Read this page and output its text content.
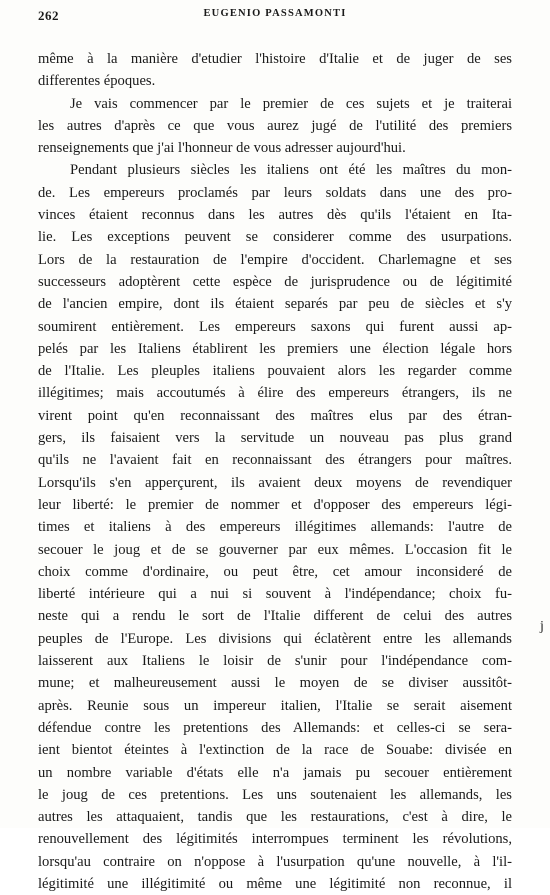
262	EUGENIO PASSAMONTI
même à la manière d'etudier l'histoire d'Italie et de juger de ses
differentes époques.
Je vais commencer par le premier de ces sujets et je traiterai
les autres d'après ce que vous aurez jugé de l'utilité des premiers
renseignements que j'ai l'honneur de vous adresser aujourd'hui.
Pendant plusieurs siècles les italiens ont été les maîtres du mon-
de. Les empereurs proclamés par leurs soldats dans une des pro-
vinces étaient reconnus dans les autres dès qu'ils l'étaient en Ita-
lie. Les exceptions peuvent se considerer comme des usurpations.
Lors de la restauration de l'empire d'occident. Charlemagne et ses
successeurs adoptèrent cette espèce de jurisprudence ou de légitimité
de l'ancien empire, dont ils étaient separés par peu de siècles et s'y
soumirent entièrement. Les empereurs saxons qui furent aussi ap-
pelés par les Italiens établirent les premiers une élection légale hors
de l'Italie. Les pleuples italiens pouvaient alors les regarder comme
illégitimes; mais accoutumés à élire des empereurs étrangers, ils ne
virent point qu'en reconnaissant des maîtres elus par des étran-
gers, ils faisaient vers la servitude un nouveau pas plus grand
qu'ils ne l'avaient fait en reconnaissant des étrangers pour maîtres.
Lorsqu'ils s'en apperçurent, ils avaient deux moyens de revendiquer
leur liberté: le premier de nommer et d'opposer des empereurs légi-
times et italiens à des empereurs illégitimes allemands: l'autre de
secouer le joug et de se gouverner par eux mêmes. L'occasion fit le
choix comme d'ordinaire, ou peut être, cet amour inconsideré de
liberté intérieure qui a nui si souvent à l'indépendance; choix fu-
neste qui a rendu le sort de l'Italie different de celui des autres
peuples de l'Europe. Les divisions qui éclatèrent entre les allemands
laisserent aux Italiens le loisir de s'unir pour l'indépendance com-
mune; et malheureusement aussi le moyen de se diviser aussitôt-
après. Reunie sous un impereur italien, l'Italie se serait aisement
défendue contre les pretentions des Allemands: et celles-ci se sera-
ient bientot éteintes à l'extinction de la race de Souabe: divisée en
un nombre variable d'états elle n'a jamais pu secouer entièrement
le joug de ces pretentions. Les uns soutenaient les allemands, les
autres les attaquaient, tandis que les restaurations, c'est à dire, le
renouvellement des légitimités interrompues terminent les révolutions,
lorsqu'au contraire on n'oppose à l'usurpation qu'une nouvelle, à l'il-
légitimité une illégitimité ou même une légitimité non reconnue, il
j
